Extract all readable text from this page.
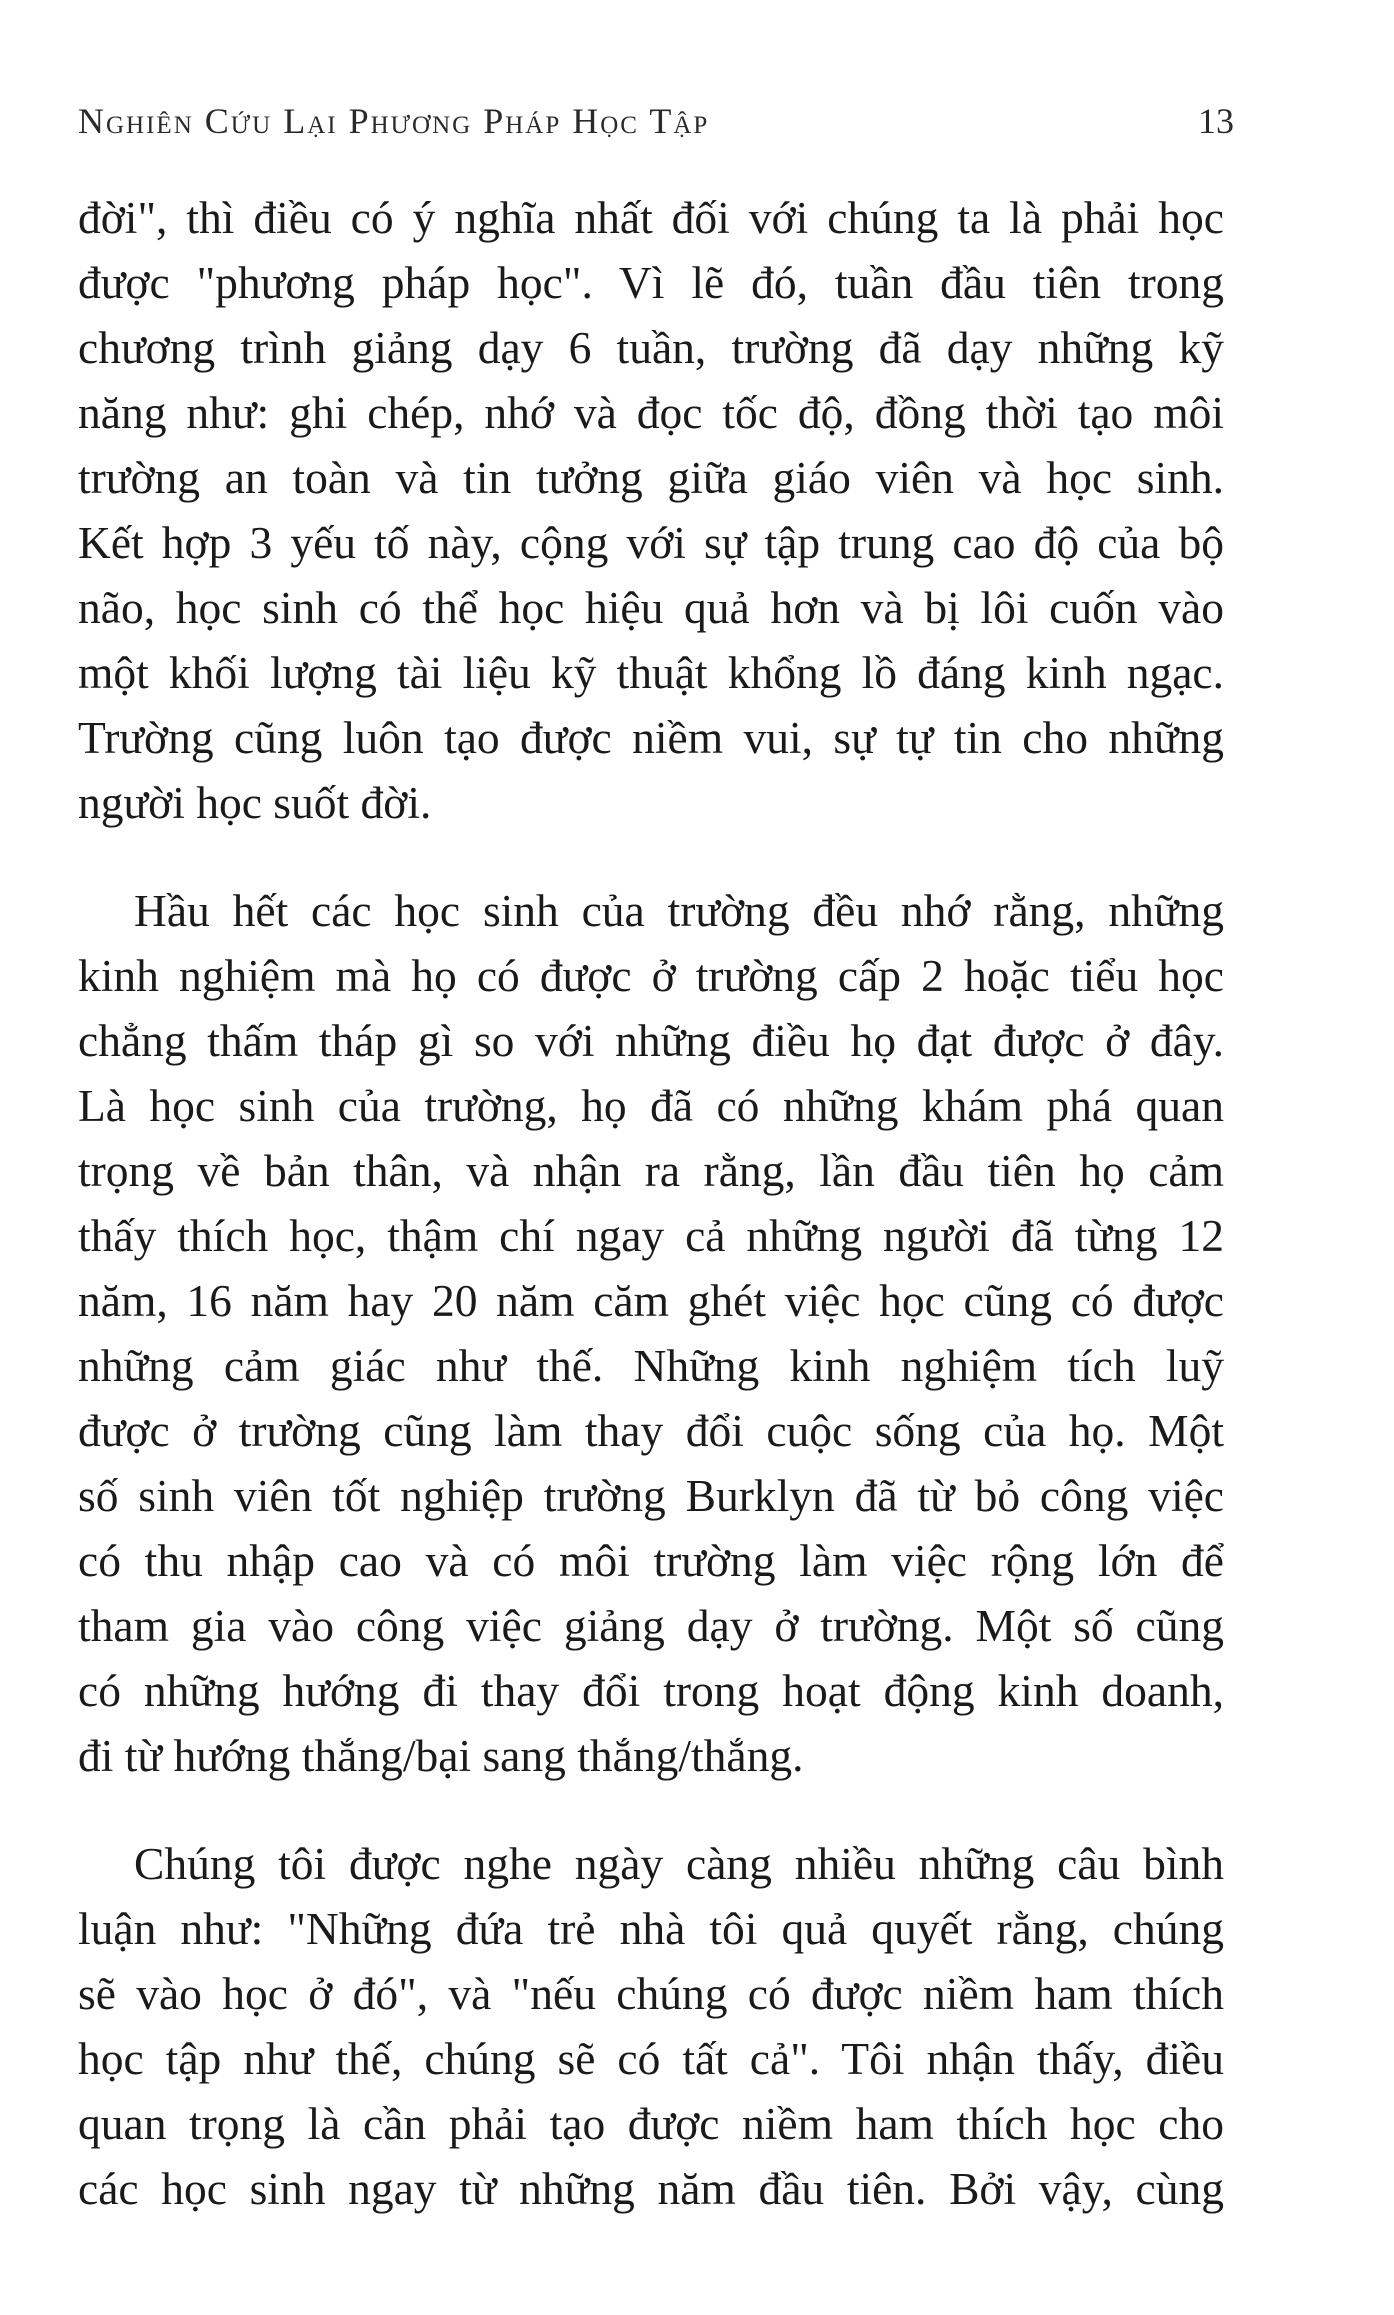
Nghiên Cứu Lại Phương Pháp Học Tập	13

đời", thì điều có ý nghĩa nhất đối với chúng ta là phải học
được "phương pháp học". Vì lẽ đó, tuần đầu tiên trong
chương trình giảng dạy 6 tuần, trường đã dạy những kỹ
năng như: ghi chép, nhớ và đọc tốc độ, đồng thời tạo môi
trường an toàn và tin tưởng giữa giáo viên và học sinh.
Kết hợp 3 yếu tố này, cộng với sự tập trung cao độ của bộ
não, học sinh có thể học hiệu quả hơn và bị lôi cuốn vào
một khối lượng tài liệu kỹ thuật khổng lồ đáng kinh ngạc.
Trường cũng luôn tạo được niềm vui, sự tự tin cho những
người học suốt đời.

Hầu hết các học sinh của trường đều nhớ rằng, những
kinh nghiệm mà họ có được ở trường cấp 2 hoặc tiểu học
chẳng thấm tháp gì so với những điều họ đạt được ở đây.
Là học sinh của trường, họ đã có những khám phá quan
trọng về bản thân, và nhận ra rằng, lần đầu tiên họ cảm
thấy thích học, thậm chí ngay cả những người đã từng 12
năm, 16 năm hay 20 năm căm ghét việc học cũng có được
những cảm giác như thế. Những kinh nghiệm tích luỹ
được ở trường cũng làm thay đổi cuộc sống của họ. Một
số sinh viên tốt nghiệp trường Burklyn đã từ bỏ công việc
có thu nhập cao và có môi trường làm việc rộng lớn để
tham gia vào công việc giảng dạy ở trường. Một số cũng
có những hướng đi thay đổi trong hoạt động kinh doanh,
đi từ hướng thắng/bại sang thắng/thắng.

Chúng tôi được nghe ngày càng nhiều những câu bình
luận như: "Những đứa trẻ nhà tôi quả quyết rằng, chúng
sẽ vào học ở đó", và "nếu chúng có được niềm ham thích
học tập như thế, chúng sẽ có tất cả". Tôi nhận thấy, điều
quan trọng là cần phải tạo được niềm ham thích học cho
các học sinh ngay từ những năm đầu tiên. Bởi vậy, cùng
